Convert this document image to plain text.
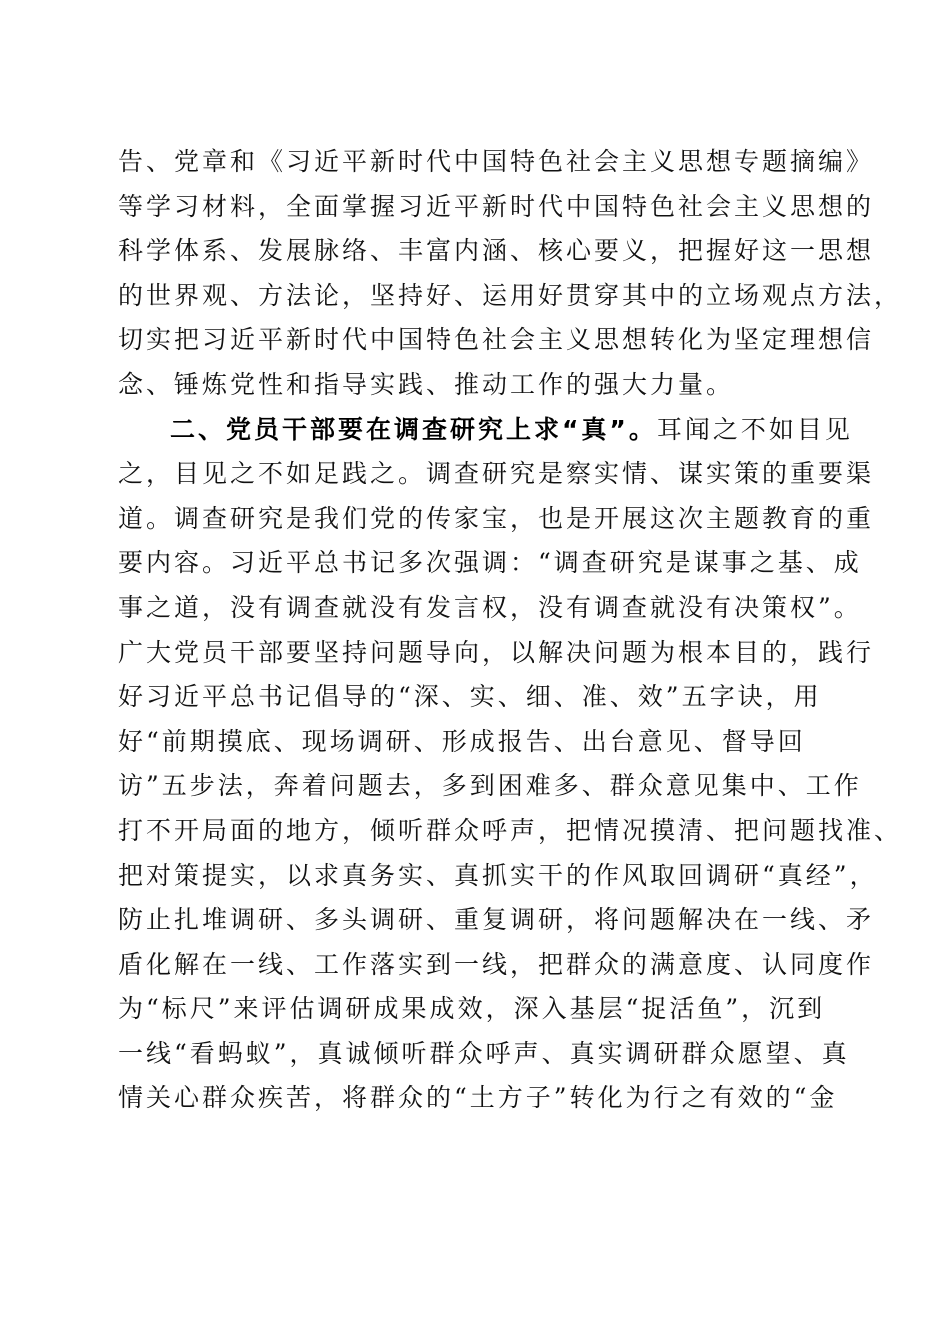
告、党章和《习近平新时代中国特色社会主义思想专题摘编》
等学习材料，全面掌握习近平新时代中国特色社会主义思想的
科学体系、发展脉络、丰富内涵、核心要义，把握好这一思想
的世界观、方法论，坚持好、运用好贯穿其中的立场观点方法，
切实把习近平新时代中国特色社会主义思想转化为坚定理想信
念、锤炼党性和指导实践、推动工作的强大力量。
二、党员干部要在调查研究上求“真”。耳闻之不如目见
之，目见之不如足践之。调查研究是察实情、谋实策的重要渠
道。调查研究是我们党的传家宝，也是开展这次主题教育的重
要内容。习近平总书记多次强调：“调查研究是谋事之基、成
事之道，没有调查就没有发言权，没有调查就没有决策权”。
广大党员干部要坚持问题导向，以解决问题为根本目的，践行
好习近平总书记倡导的“深、实、细、准、效”五字诀，用
好“前期摸底、现场调研、形成报告、出台意见、督导回
访”五步法，奔着问题去，多到困难多、群众意见集中、工作
打不开局面的地方，倾听群众呼声，把情况摸清、把问题找准、
把对策提实，以求真务实、真抓实干的作风取回调研“真经”，
防止扎堆调研、多头调研、重复调研，将问题解决在一线、矛
盾化解在一线、工作落实到一线，把群众的满意度、认同度作
为“标尺”来评估调研成果成效，深入基层“捉活鱼”，沉到
一线“看蚂蚁”，真诚倾听群众呼声、真实调研群众愿望、真
情关心群众疾苦，将群众的“土方子”转化为行之有效的“金
